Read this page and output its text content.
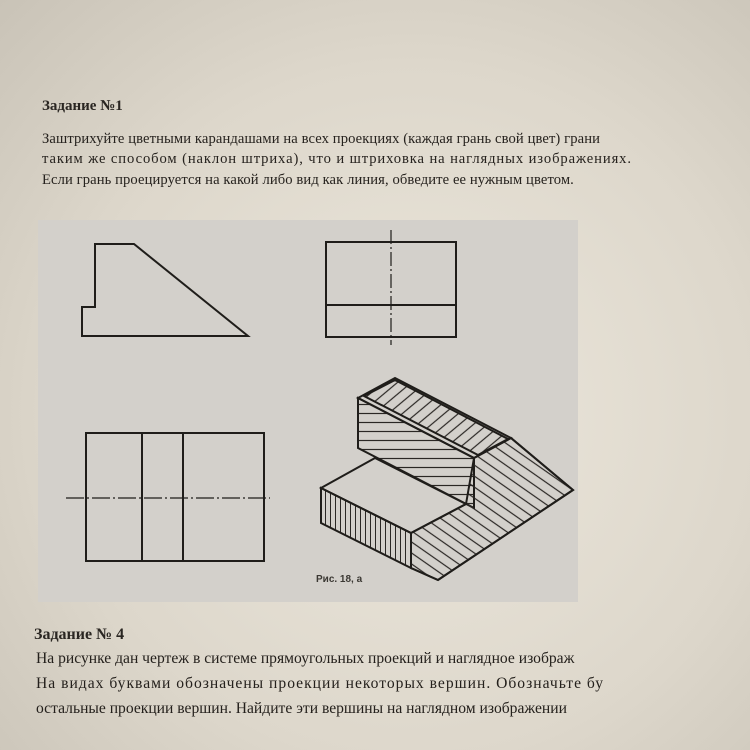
Задание №1
Заштрихуйте цветными карандашами на всех проекциях (каждая грань свой цвет) грани
таким же способом (наклон штриха), что и штриховка на наглядных изображениях.
Если грань проецируется на какой либо вид как линия, обведите ее нужным цветом.
Рис. 18, а
Задание № 4
На рисунке дан чертеж в системе прямоугольных проекций и наглядное изображ
На видах буквами обозначены проекции некоторых вершин. Обозначьте бу
остальные проекции вершин. Найдите эти вершины на наглядном изображении
